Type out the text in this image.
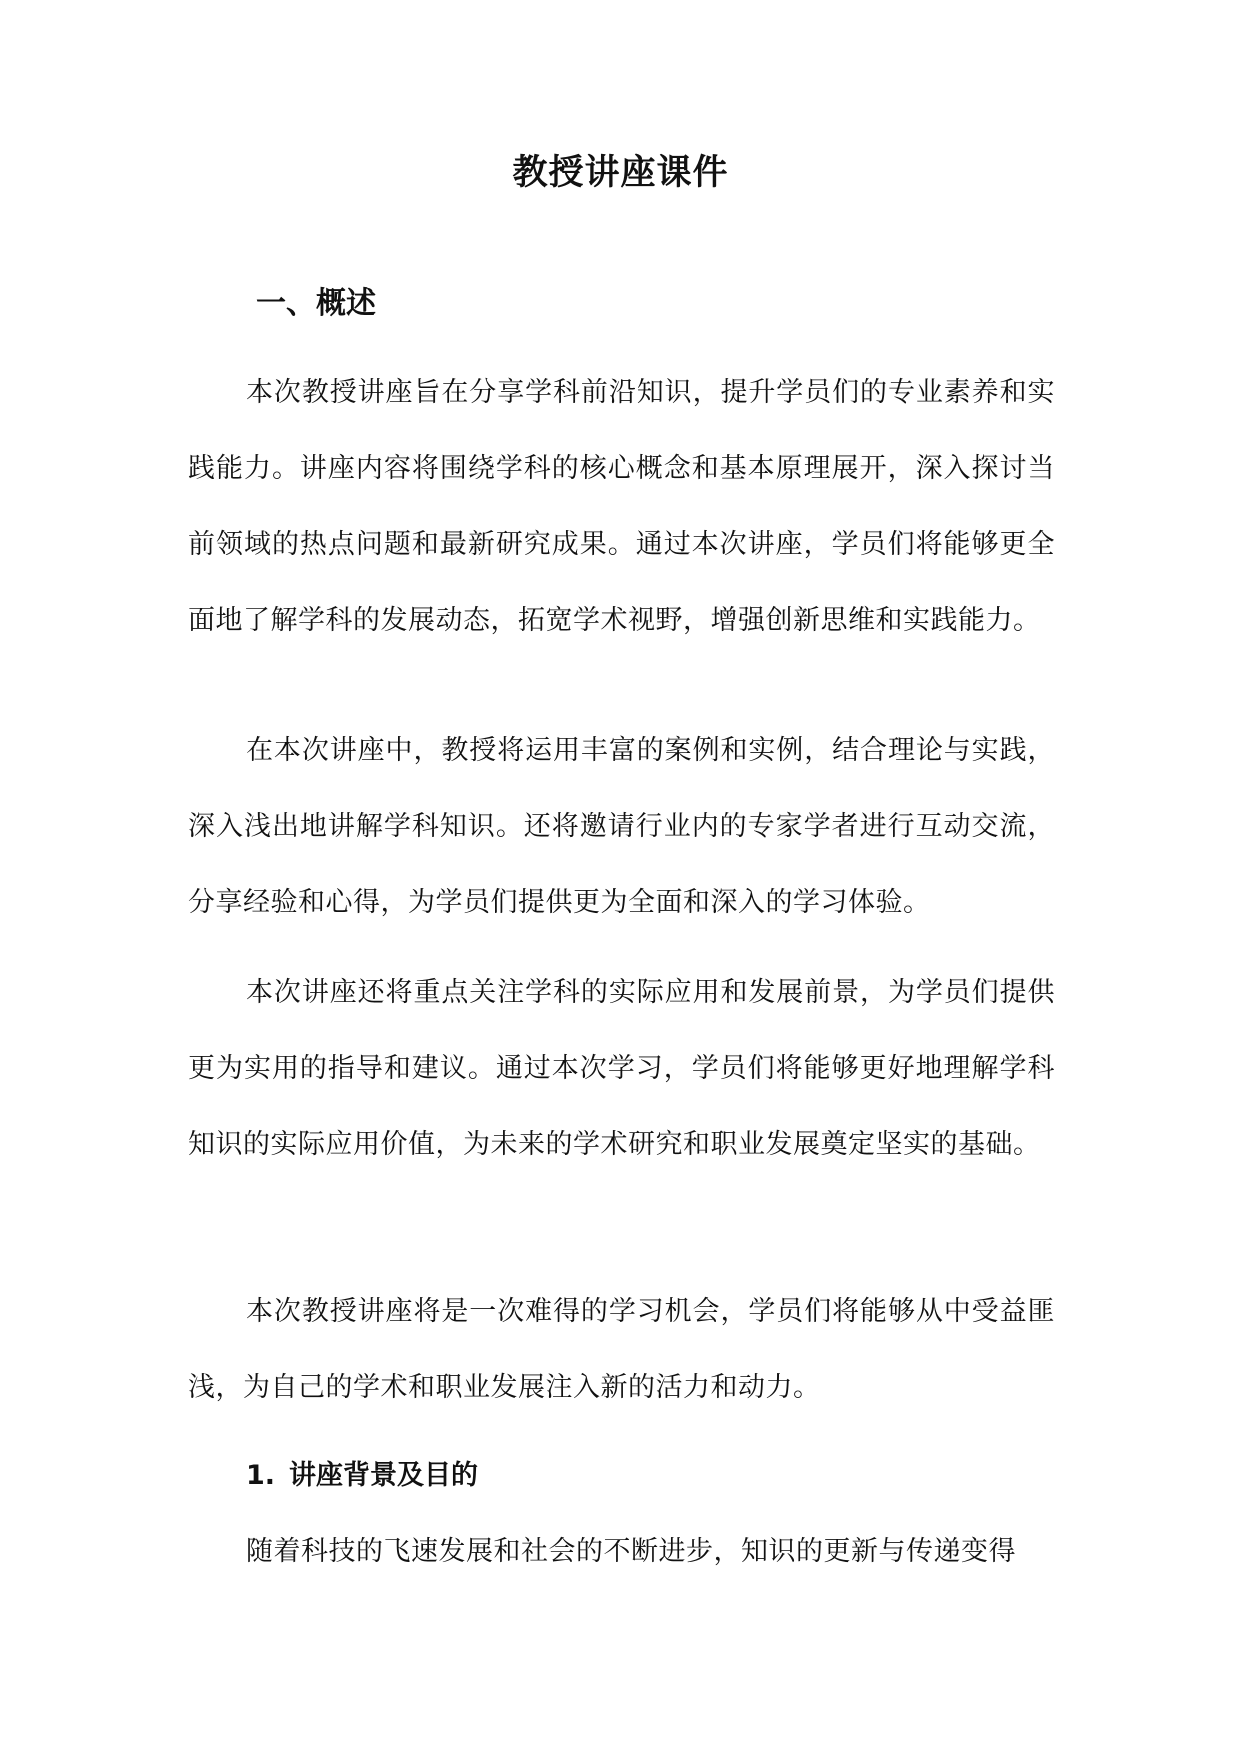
教授讲座课件
一、概述

本次教授讲座旨在分享学科前沿知识，提升学员们的专业素养和实践能力。讲座内容将围绕学科的核心概念和基本原理展开，深入探讨当前领域的热点问题和最新研究成果。通过本次讲座，学员们将能够更全面地了解学科的发展动态，拓宽学术视野，增强创新思维和实践能力。

在本次讲座中，教授将运用丰富的案例和实例，结合理论与实践，深入浅出地讲解学科知识。还将邀请行业内的专家学者进行互动交流，分享经验和心得，为学员们提供更为全面和深入的学习体验。

本次讲座还将重点关注学科的实际应用和发展前景，为学员们提供更为实用的指导和建议。通过本次学习，学员们将能够更好地理解学科知识的实际应用价值，为未来的学术研究和职业发展奠定坚实的基础。

本次教授讲座将是一次难得的学习机会，学员们将能够从中受益匪浅，为自己的学术和职业发展注入新的活力和动力。

1. 讲座背景及目的

随着科技的飞速发展和社会的不断进步，知识的更新与传递变得
